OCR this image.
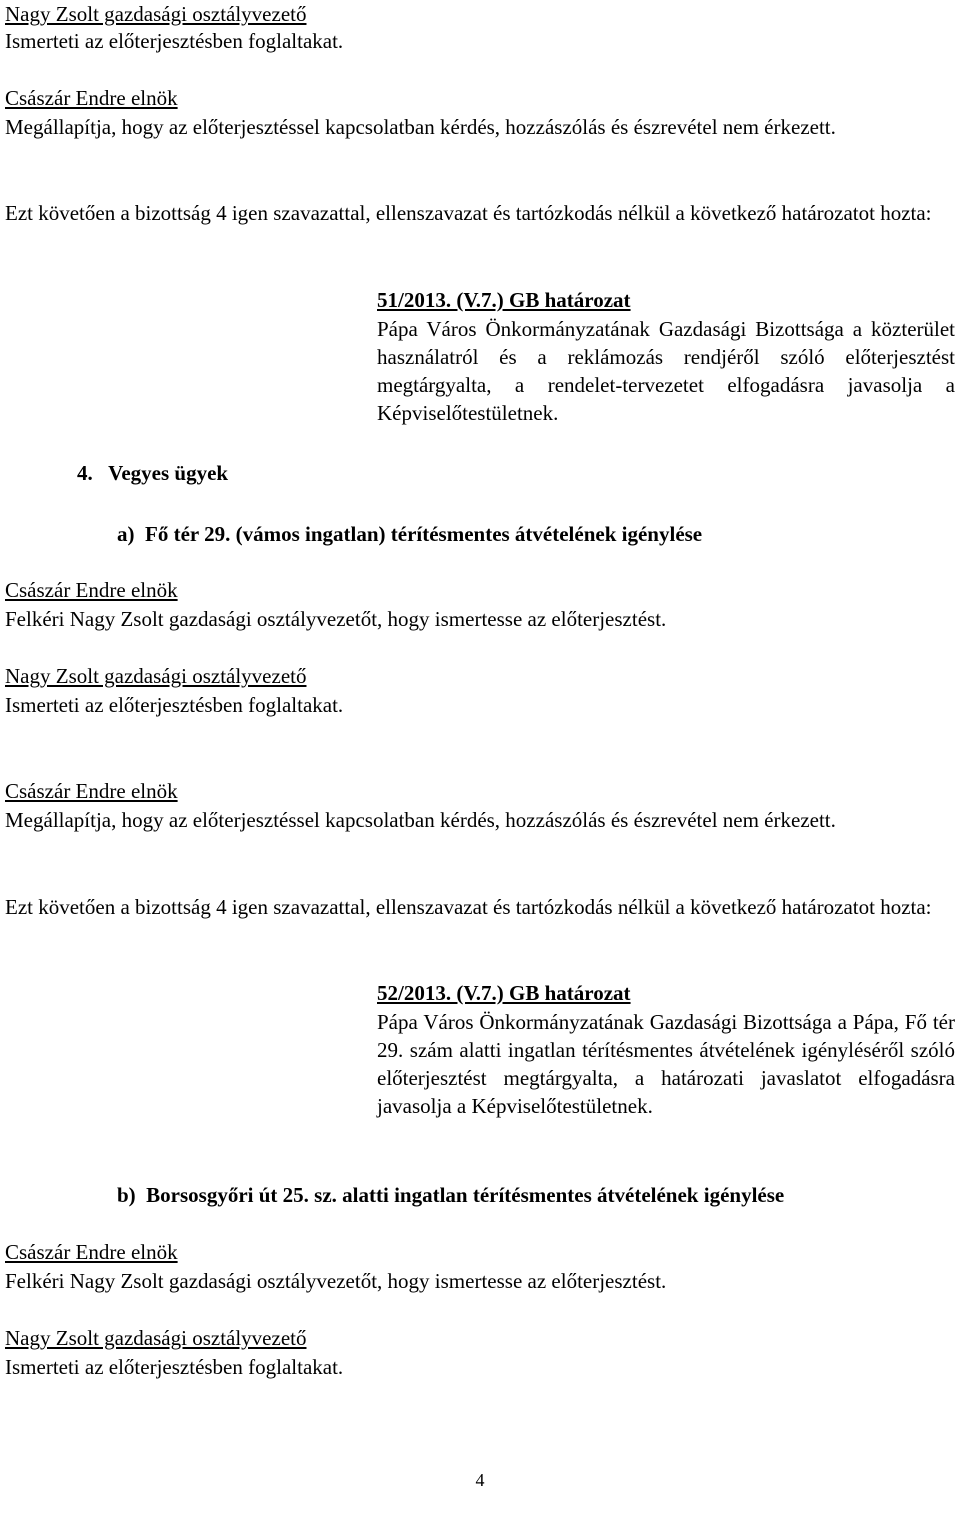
Nagy Zsolt gazdasági osztályvezető

Ismerteti az előterjesztésben foglaltakat.

Császár Endre elnök

Megállapítja, hogy az előterjesztéssel kapcsolatban kérdés, hozzászólás és észrevétel nem érkezett.

Ezt követően a bizottság 4 igen szavazattal, ellenszavazat és tartózkodás nélkül a következő határozatot hozta:

51/2013. (V.7.) GB határozat

Pápa Város Önkormányzatának Gazdasági Bizottsága a közterület használatról és a reklámozás rendjéről szóló előterjesztést megtárgyalta, a rendelet-tervezetet elfogadásra javasolja a Képviselőtestületnek.

4.   Vegyes ügyek

a)  Fő tér 29. (vámos ingatlan) térítésmentes átvételének igénylése

Császár Endre elnök

Felkéri Nagy Zsolt gazdasági osztályvezetőt, hogy ismertesse az előterjesztést.

Nagy Zsolt gazdasági osztályvezető

Ismerteti az előterjesztésben foglaltakat.

Császár Endre elnök

Megállapítja, hogy az előterjesztéssel kapcsolatban kérdés, hozzászólás és észrevétel nem érkezett.

Ezt követően a bizottság 4 igen szavazattal, ellenszavazat és tartózkodás nélkül a következő határozatot hozta:

52/2013. (V.7.) GB határozat

Pápa Város Önkormányzatának Gazdasági Bizottsága a Pápa, Fő tér 29. szám alatti ingatlan térítésmentes átvételének igényléséről szóló előterjesztést megtárgyalta, a határozati javaslatot elfogadásra javasolja a Képviselőtestületnek.

b)  Borsosgyőri út 25. sz. alatti ingatlan térítésmentes átvételének igénylése

Császár Endre elnök

Felkéri Nagy Zsolt gazdasági osztályvezetőt, hogy ismertesse az előterjesztést.

Nagy Zsolt gazdasági osztályvezető

Ismerteti az előterjesztésben foglaltakat.

4
